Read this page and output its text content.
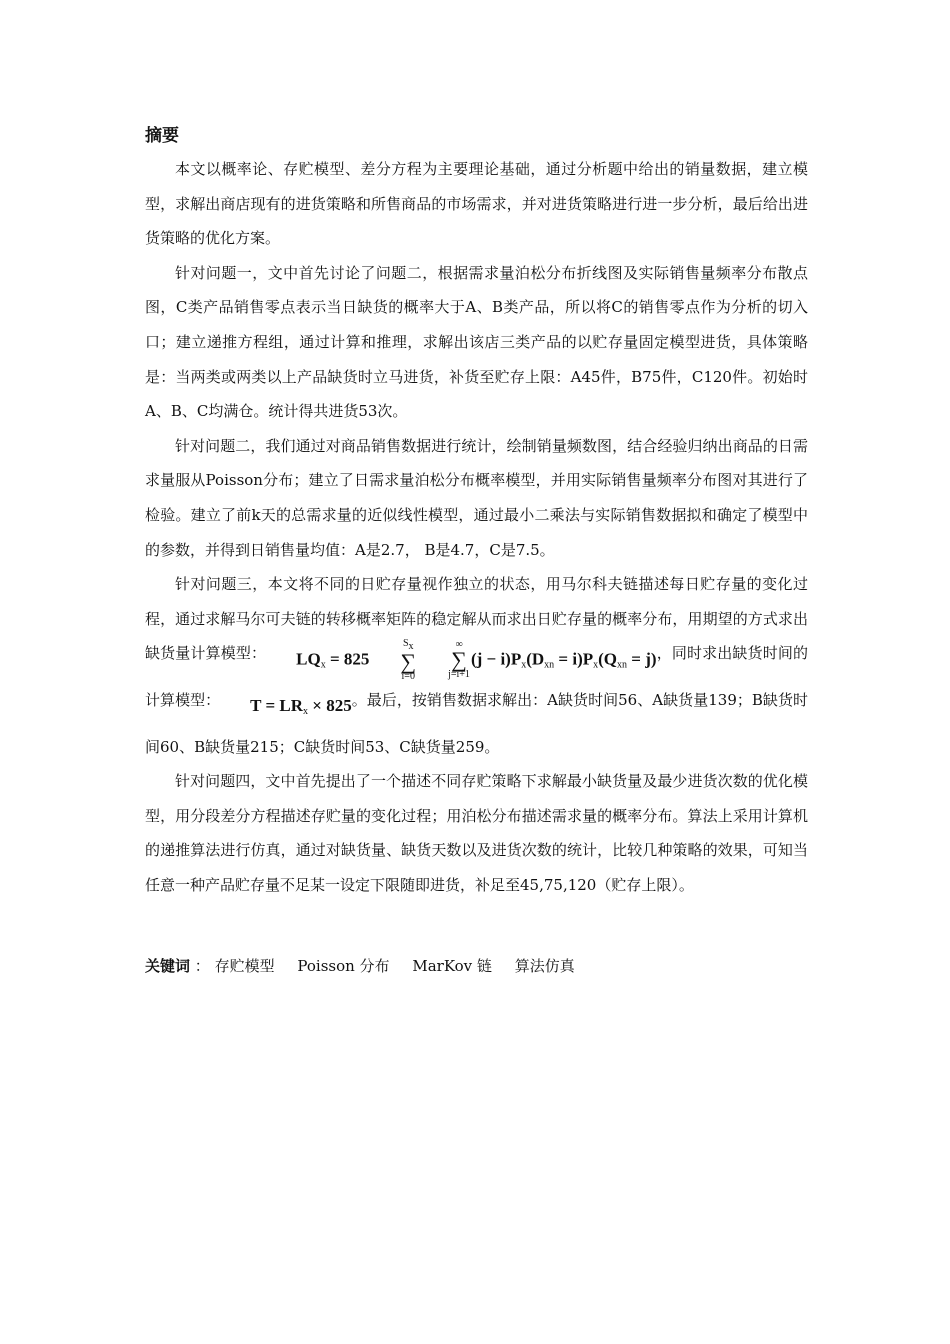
摘要

本文以概率论、存贮模型、差分方程为主要理论基础，通过分析题中给出的销量数据，建立模型，求解出商店现有的进货策略和所售商品的市场需求，并对进货策略进行进一步分析，最后给出进货策略的优化方案。

针对问题一，文中首先讨论了问题二，根据需求量泊松分布折线图及实际销售量频率分布散点图，C类产品销售零点表示当日缺货的概率大于A、B类产品，所以将C的销售零点作为分析的切入口；建立递推方程组，通过计算和推理，求解出该店三类产品的以贮存量固定模型进货，具体策略是：当两类或两类以上产品缺货时立马进货，补货至贮存上限：A45件，B75件，C120件。初始时A、B、C均满仓。统计得共进货53次。

针对问题二，我们通过对商品销售数据进行统计，绘制销量频数图，结合经验归纳出商品的日需求量服从Poisson分布；建立了日需求量泊松分布概率模型，并用实际销售量频率分布图对其进行了检验。建立了前k天的总需求量的近似线性模型，通过最小二乘法与实际销售数据拟和确定了模型中的参数，并得到日销售量均值：A是2.7， B是4.7，C是7.5。

针对问题三，本文将不同的日贮存量视作独立的状态，用马尔科夫链描述每日贮存量的变化过程，通过求解马尔可夫链的转移概率矩阵的稳定解从而求出日贮存量的概率分布，用期望的方式求出缺货量计算模型： $LQ_x = 825$
$S_x$
∑
i=0
∞
∑
j=i+1
$(j - i)P_x(D_{xn} = i)P_x(Q_{xn} = j)$，同时求出缺货时间的计算模型： $T = LR_x \times 825$。最后，按销售数据求解出：A缺货时间56、A缺货量139；B缺货时间60、B缺货量215；C缺货时间53、C缺货量259。

针对问题四，文中首先提出了一个描述不同存贮策略下求解最小缺货量及最少进货次数的优化模型，用分段差分方程描述存贮量的变化过程；用泊松分布描述需求量的概率分布。算法上采用计算机的递推算法进行仿真，通过对缺货量、缺货天数以及进货次数的统计，比较几种策略的效果，可知当任意一种产品贮存量不足某一设定下限随即进货，补足至45,75,120（贮存上限）。

关键词 ： 存贮模型 Poisson 分布 MarKov 链 算法仿真
